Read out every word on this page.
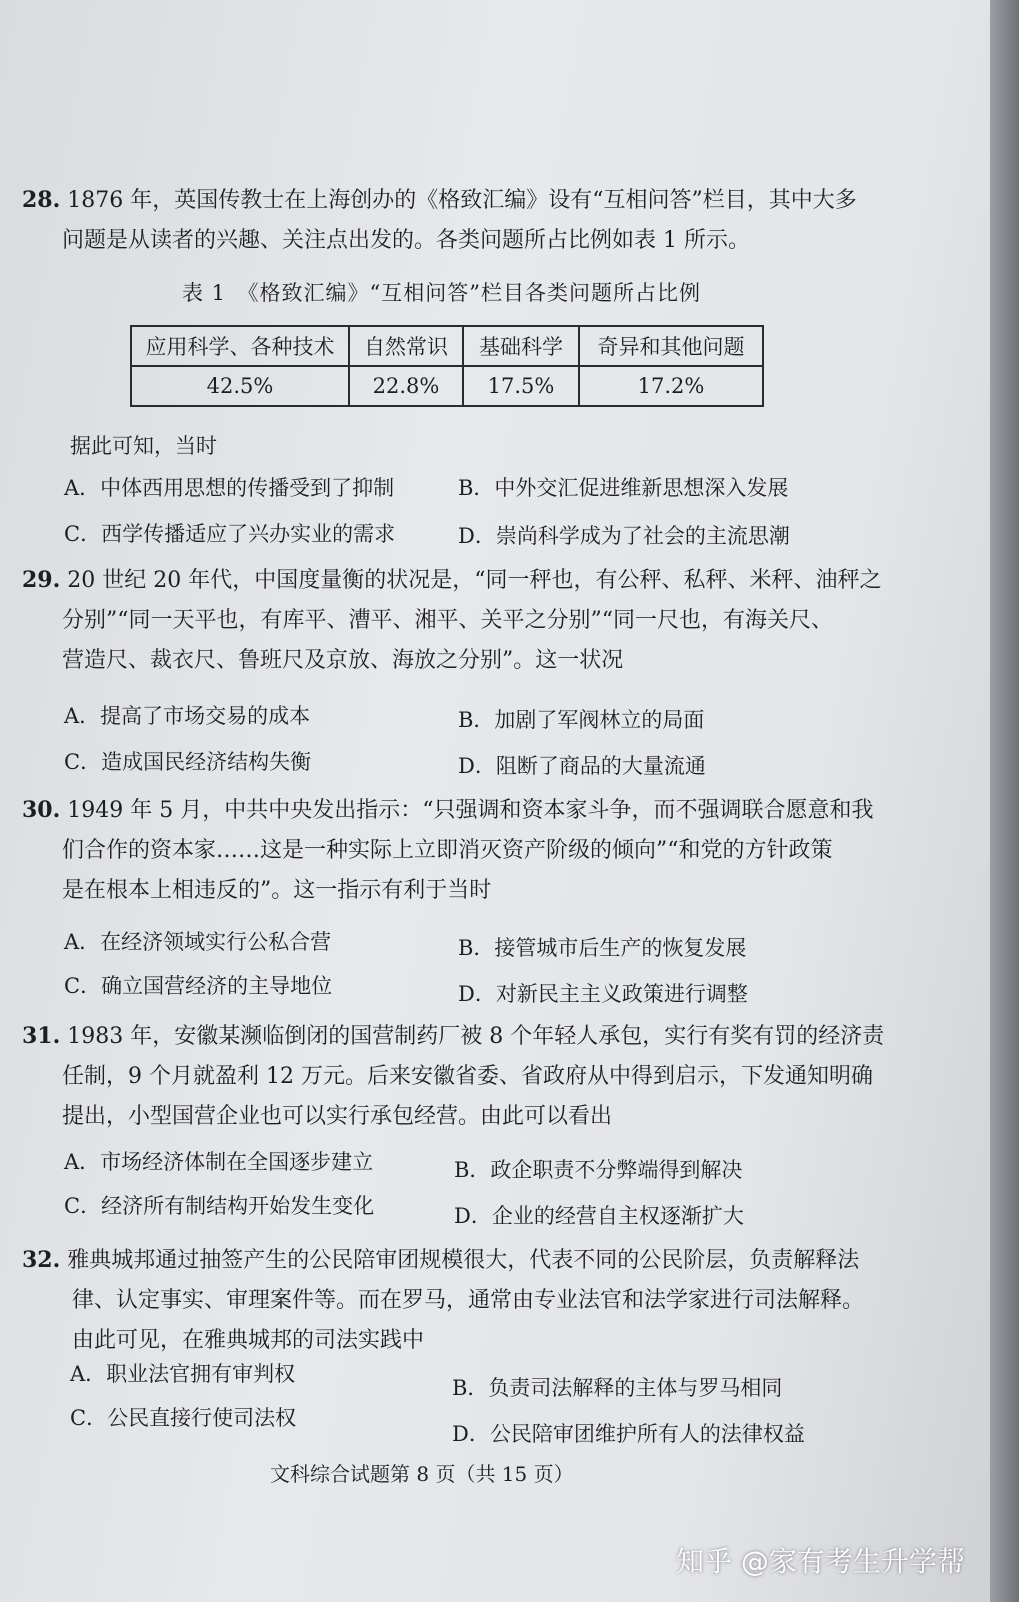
28. 1876 年，英国传教士在上海创办的《格致汇编》设有“互相问答”栏目，其中大多
问题是从读者的兴趣、关注点出发的。各类问题所占比例如表 1 所示。
表 1　《格致汇编》“互相问答”栏目各类问题所占比例
应用科学、各种技术	自然常识	基础科学	奇异和其他问题
42.5%	22.8%	17.5%	17.2%
据此可知，当时
A．中体西用思想的传播受到了抑制	B．中外交汇促进维新思想深入发展
C．西学传播适应了兴办实业的需求	D．崇尚科学成为了社会的主流思潮
29. 20 世纪 20 年代，中国度量衡的状况是，“同一秤也，有公秤、私秤、米秤、油秤之
分别”“同一天平也，有库平、漕平、湘平、关平之分别”“同一尺也，有海关尺、
营造尺、裁衣尺、鲁班尺及京放、海放之分别”。这一状况
A．提高了市场交易的成本	B．加剧了军阀林立的局面
C．造成国民经济结构失衡	D．阻断了商品的大量流通
30. 1949 年 5 月，中共中央发出指示：“只强调和资本家斗争，而不强调联合愿意和我
们合作的资本家……这是一种实际上立即消灭资产阶级的倾向”“和党的方针政策
是在根本上相违反的”。这一指示有利于当时
A．在经济领域实行公私合营	B．接管城市后生产的恢复发展
C．确立国营经济的主导地位	D．对新民主主义政策进行调整
31. 1983 年，安徽某濒临倒闭的国营制药厂被 8 个年轻人承包，实行有奖有罚的经济责
任制，9 个月就盈利 12 万元。后来安徽省委、省政府从中得到启示，下发通知明确
提出，小型国营企业也可以实行承包经营。由此可以看出
A．市场经济体制在全国逐步建立	B．政企职责不分弊端得到解决
C．经济所有制结构开始发生变化	D．企业的经营自主权逐渐扩大
32. 雅典城邦通过抽签产生的公民陪审团规模很大，代表不同的公民阶层，负责解释法
律、认定事实、审理案件等。而在罗马，通常由专业法官和法学家进行司法解释。
由此可见，在雅典城邦的司法实践中
A．职业法官拥有审判权
B．负责司法解释的主体与罗马相同
C．公民直接行使司法权
D．公民陪审团维护所有人的法律权益
文科综合试题第 8 页（共 15 页）
知乎 @家有考生升学帮
